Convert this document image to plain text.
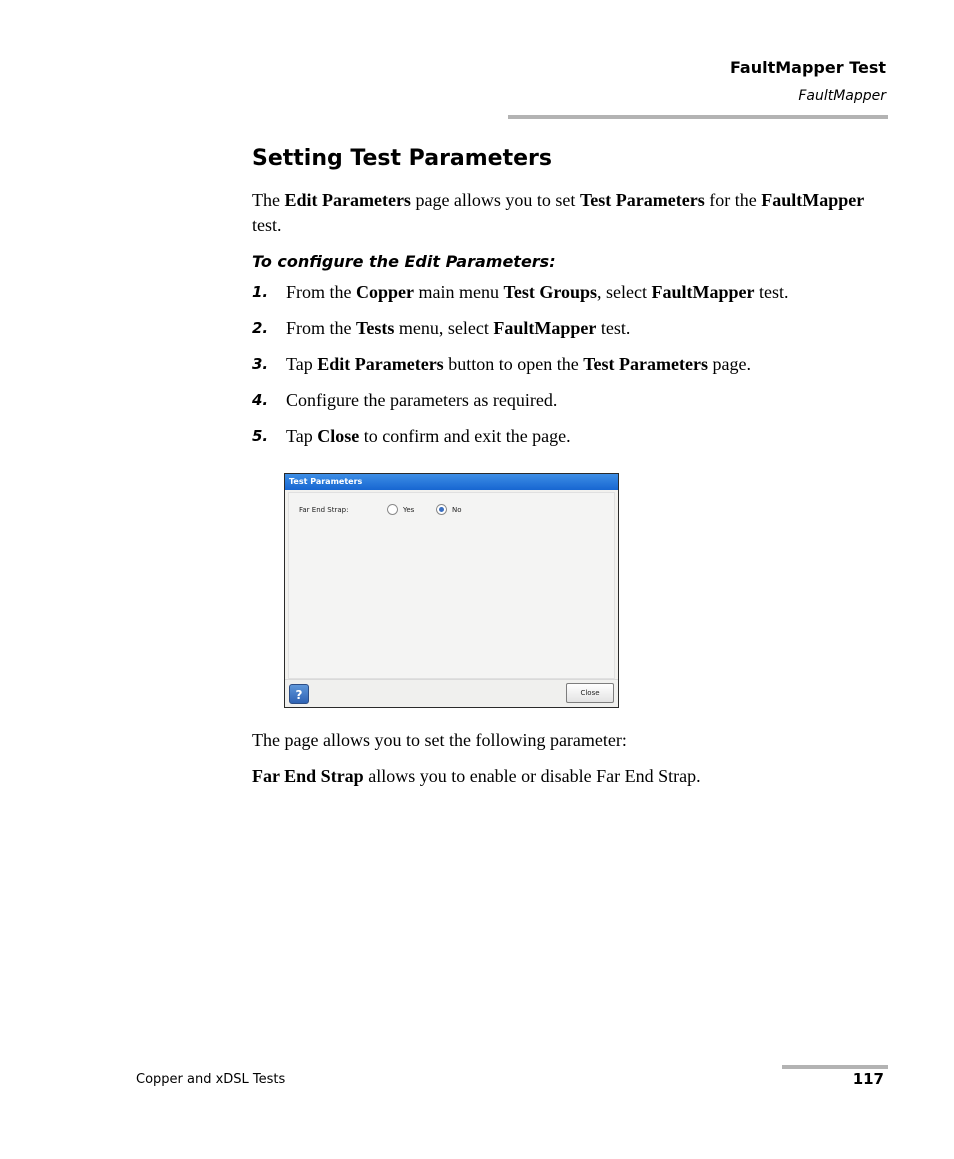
FaultMapper Test
FaultMapper
Setting Test Parameters

The Edit Parameters page allows you to set Test Parameters for the FaultMapper test.

To configure the Edit Parameters:

1. From the Copper main menu Test Groups, select FaultMapper test.
2. From the Tests menu, select FaultMapper test.
3. Tap Edit Parameters button to open the Test Parameters page.
4. Configure the parameters as required.
5. Tap Close to confirm and exit the page.
Test Parameters
Far End Strap:	Yes	No
?	Close

The page allows you to set the following parameter:

Far End Strap allows you to enable or disable Far End Strap.

Copper and xDSL Tests	117
